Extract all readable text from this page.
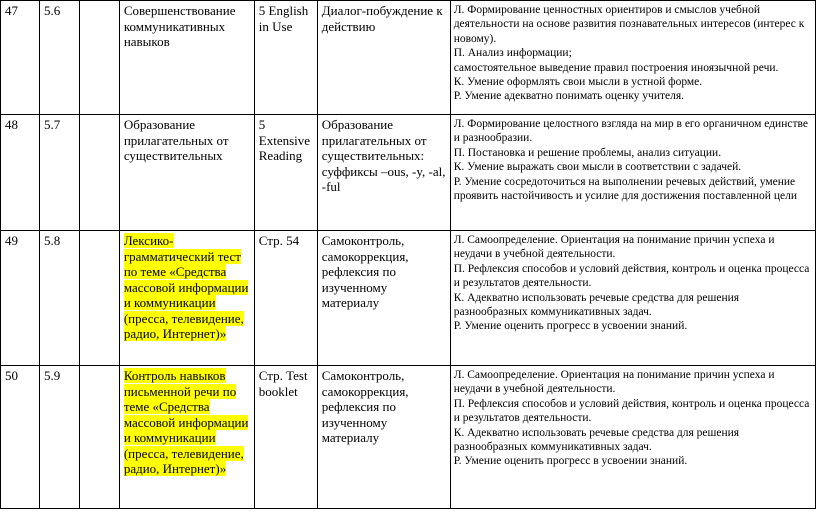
47	5.6		Совершенствование коммуникативных навыков	5 English in Use	Диалог-побуждение к действию	Л. Формирование ценностных ориентиров и смыслов учебной деятельности на основе развития познавательных интересов (интерес к новому).
П. Анализ информации;
самостоятельное выведение правил построения иноязычной речи.
К. Умение оформлять свои мысли в устной форме.
Р. Умение адекватно понимать оценку учителя.

48	5.7		Образование прилагательных от существительных	5 Extensive Reading	Образование прилагательных от существительных: суффиксы –ous, -y, -al, -ful	Л. Формирование целостного взгляда на мир в его органичном единстве и разнообразии.
П. Постановка и решение проблемы, анализ ситуации.
К. Умение выражать свои мысли в соответствии с задачей.
Р. Умение сосредоточиться на выполнении речевых действий, умение проявить настойчивость и усилие для достижения поставленной цели

49	5.8		Лексико-грамматический тест по теме «Средства массовой информации и коммуникации (пресса, телевидение, радио, Интернет)»	Стр. 54	Самоконтроль, самокоррекция, рефлексия по изученному материалу	Л. Самоопределение. Ориентация на понимание причин успеха и неудачи в учебной деятельности.
П. Рефлексия способов и условий действия, контроль и оценка процесса и результатов деятельности.
К. Адекватно использовать речевые средства для решения разнообразных коммуникативных задач.
Р. Умение оценить прогресс в усвоении знаний.

50	5.9		Контроль навыков письменной речи по теме «Средства массовой информации и коммуникации (пресса, телевидение, радио, Интернет)»	Стр. Test booklet	Самоконтроль, самокоррекция, рефлексия по изученному материалу	Л. Самоопределение. Ориентация на понимание причин успеха и неудачи в учебной деятельности.
П. Рефлексия способов и условий действия, контроль и оценка процесса и результатов деятельности.
К. Адекватно использовать речевые средства для решения разнообразных коммуникативных задач.
Р. Умение оценить прогресс в усвоении знаний.
